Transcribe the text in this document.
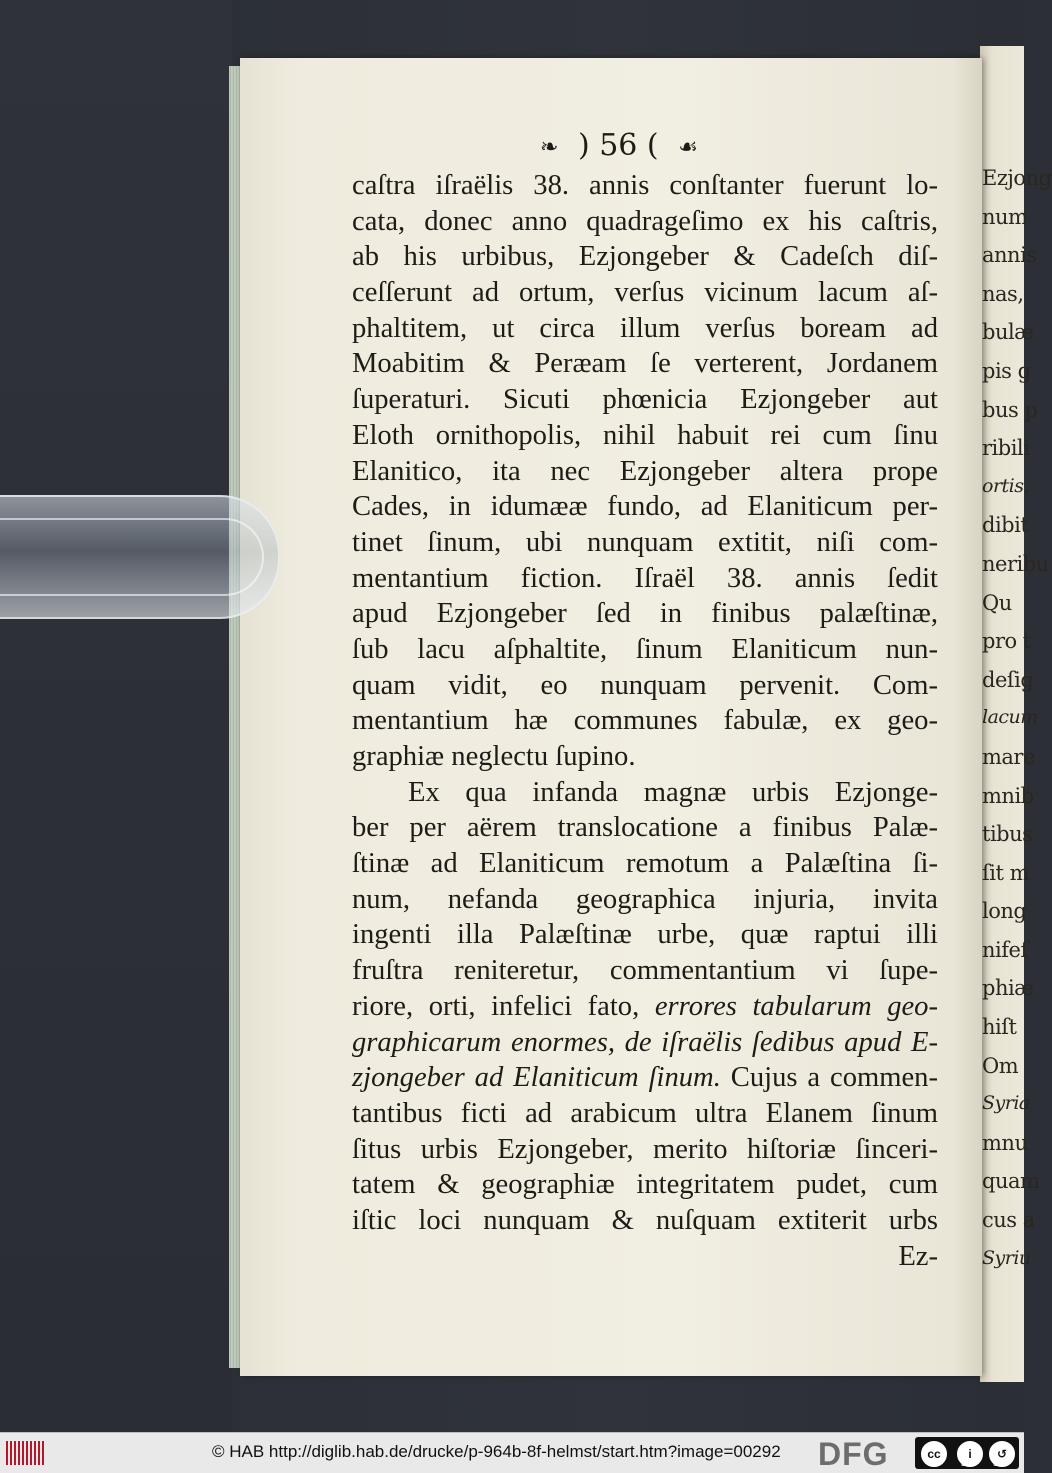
Ezjong
num
annis
nas,
bulæ
pis g
bus p
ribili
ortis.
dibit
neribu
Qu
pro t
deſig
lacum
mare
mnib
tibus
ſit m
long
nifeſ
phiæ
hiſt
Om
Syria
mnu
quam
cus a
Syriu
❧ ) 56 ( ☙
caſtra iſraëlis 38. annis conſtanter fuerunt lo-
cata, donec anno quadrageſimo ex his caſtris,
ab his urbibus, Ezjongeber & Cadeſch diſ-
ceſſerunt ad ortum, verſus vicinum lacum aſ-
phaltitem, ut circa illum verſus boream ad
Moabitim & Peræam ſe verterent, Jordanem
ſuperaturi. Sicuti phœnicia Ezjongeber aut
Eloth ornithopolis, nihil habuit rei cum ſinu
Elanitico, ita nec Ezjongeber altera prope
Cades, in idumææ fundo, ad Elaniticum per-
tinet ſinum, ubi nunquam extitit, niſi com-
mentantium fiction. Iſraël 38. annis ſedit
apud Ezjongeber ſed in finibus palæſtinæ,
ſub lacu aſphaltite, ſinum Elaniticum nun-
quam vidit, eo nunquam pervenit. Com-
mentantium hæ communes fabulæ, ex geo-
graphiæ neglectu ſupino.
Ex qua infanda magnæ urbis Ezjonge-
ber per aërem translocatione a finibus Palæ-
ſtinæ ad Elaniticum remotum a Palæſtina ſi-
num, nefanda geographica injuria, invita
ingenti illa Palæſtinæ urbe, quæ raptui illi
fruſtra reniteretur, commentantium vi ſupe-
riore, orti, infelici fato, errores tabularum geo-
graphicarum enormes, de iſraëlis ſedibus apud E-
zjongeber ad Elaniticum ſinum. Cujus a commen-
tantibus ficti ad arabicum ultra Elanem ſinum
ſitus urbis Ezjongeber, merito hiſtoriæ ſinceri-
tatem & geographiæ integritatem pudet, cum
iſtic loci nunquam & nuſquam extiterit urbs
Ez-
© HAB http://diglib.hab.de/drucke/p-964b-8f-helmst/start.htm?image=00292 DFG	cc	i	↺
BY SA
